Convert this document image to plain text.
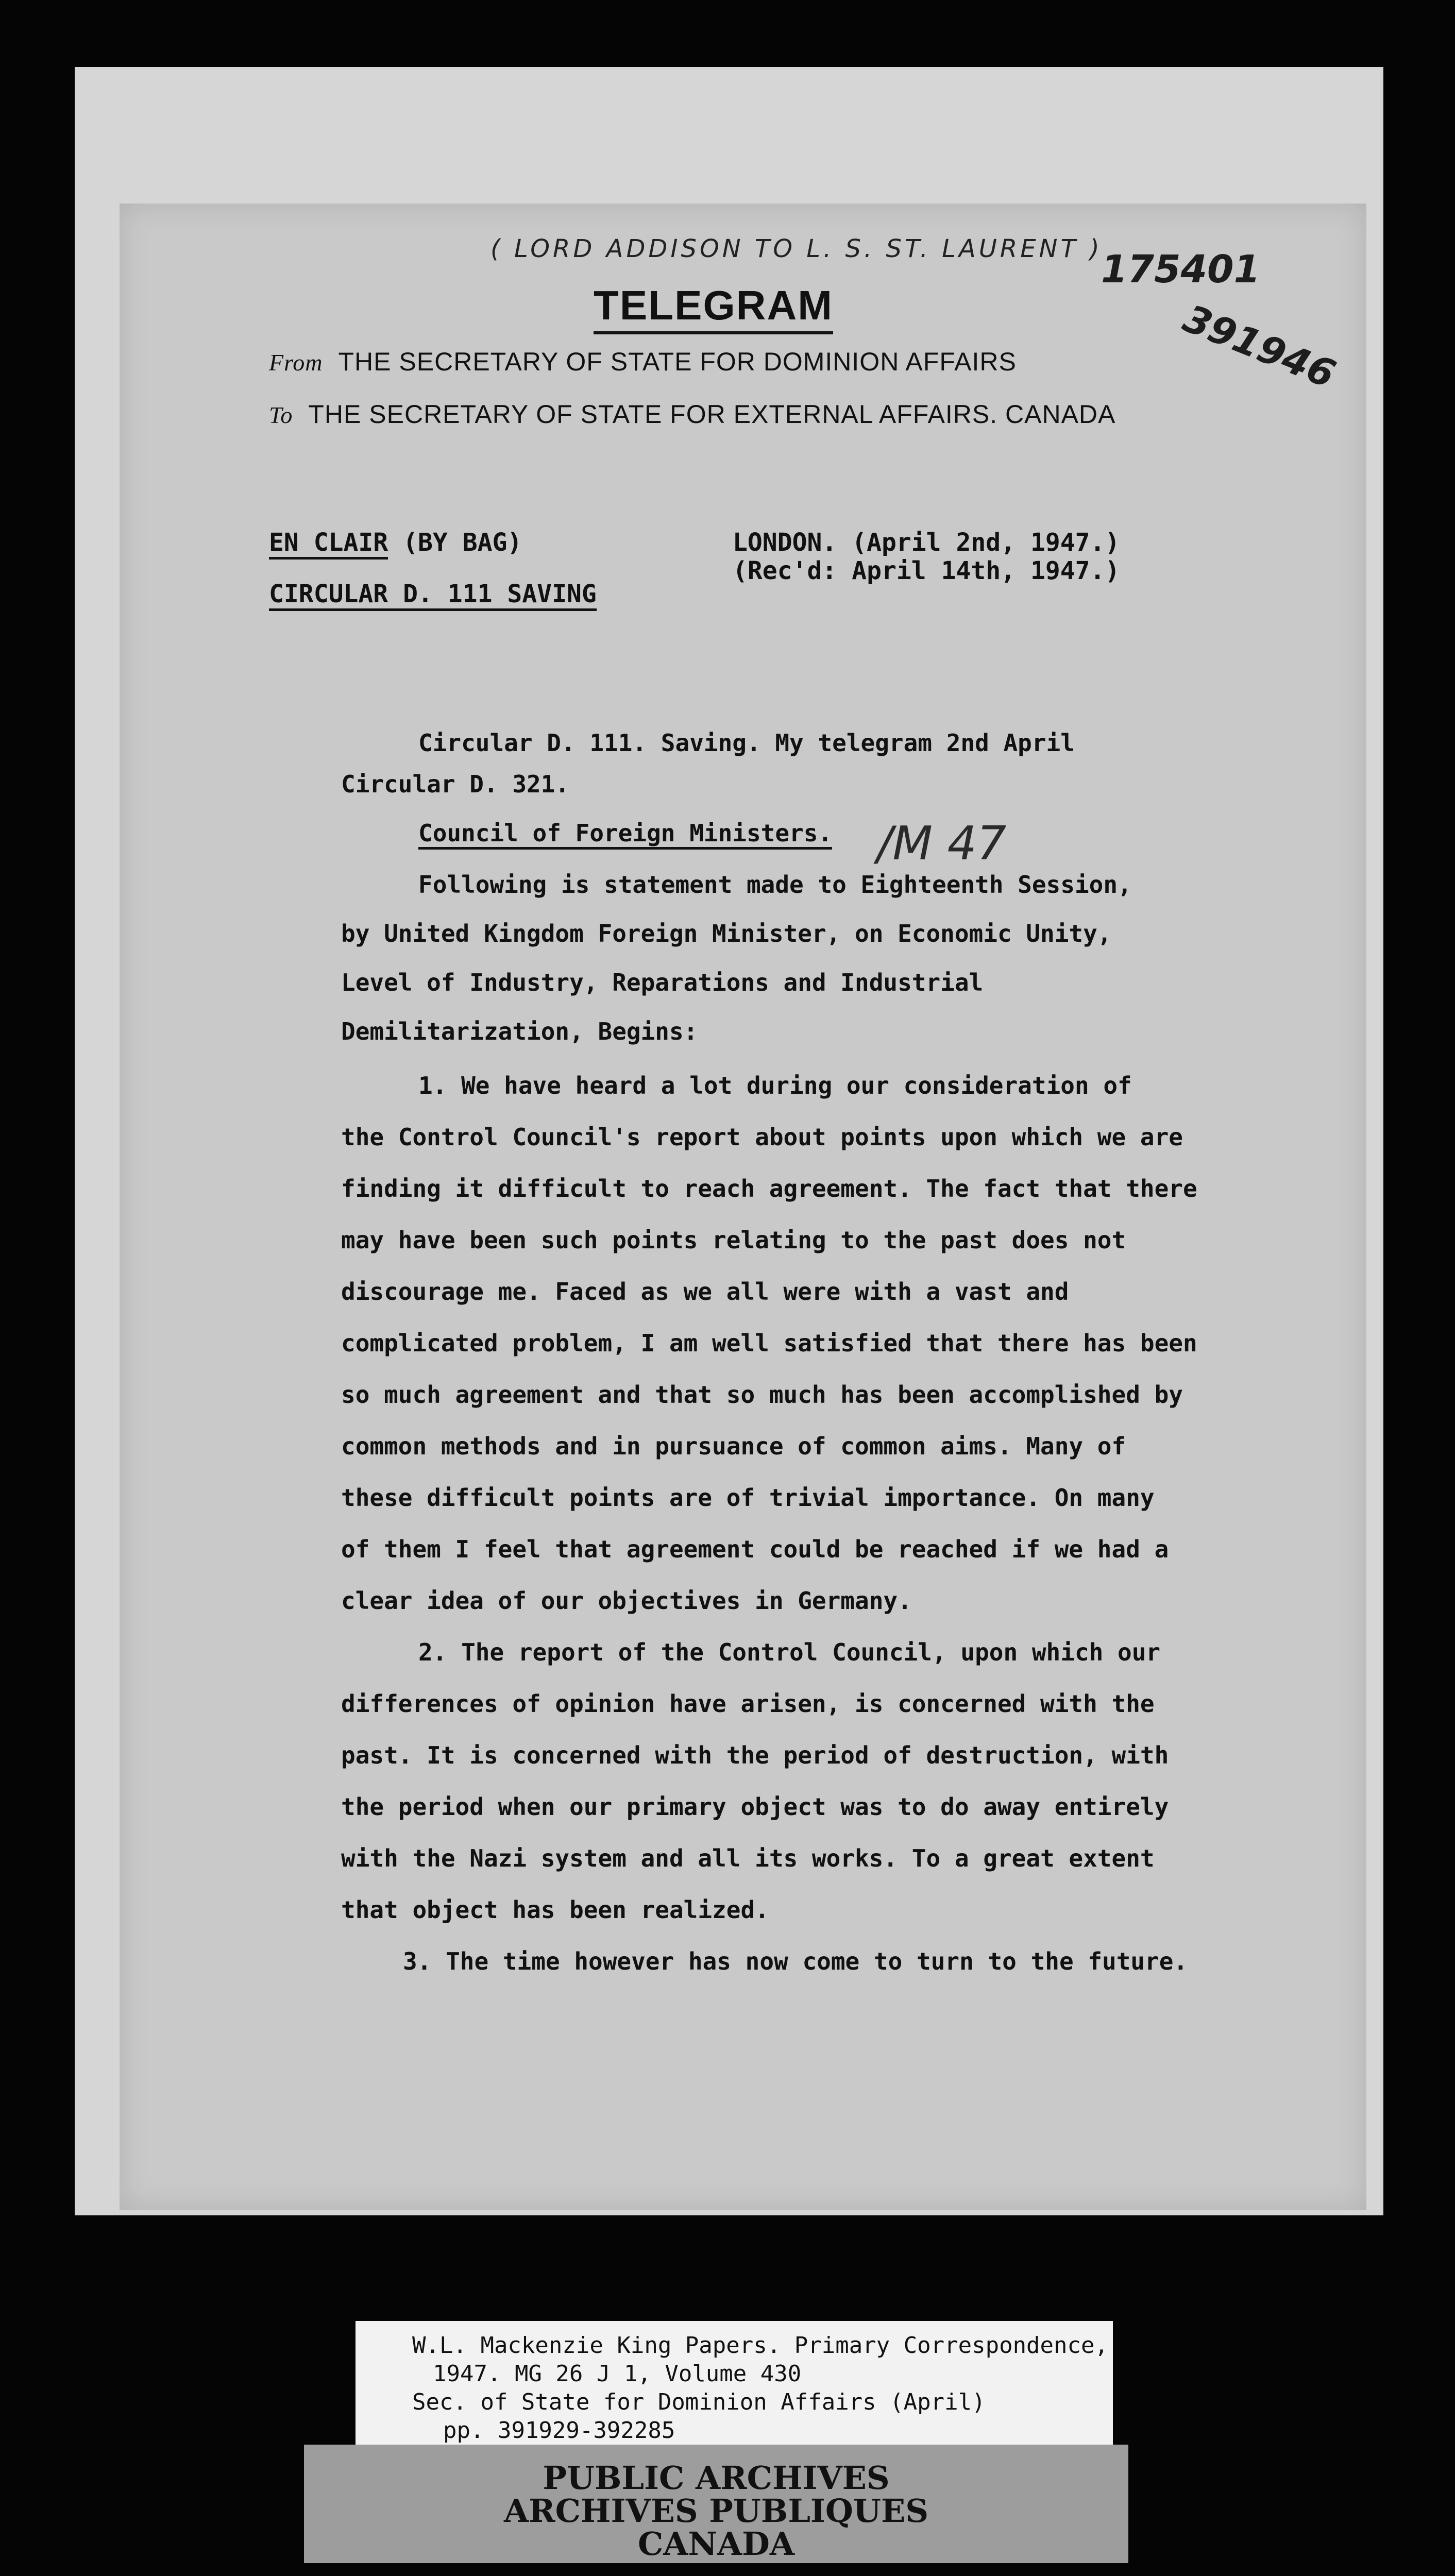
( LORD ADDISON TO L. S. ST. LAURENT )
175401
391946
TELEGRAM
From THE SECRETARY OF STATE FOR DOMINION AFFAIRS
To THE SECRETARY OF STATE FOR EXTERNAL AFFAIRS. CANADA
EN CLAIR (BY BAG)
CIRCULAR D. 111 SAVING
LONDON. (April 2nd, 1947.)
(Rec'd: April 14th, 1947.)
Circular D. 111. Saving. My telegram 2nd April
Circular D. 321.
Council of Foreign Ministers. /M 47
Following is statement made to Eighteenth Session,
by United Kingdom Foreign Minister, on Economic Unity,
Level of Industry, Reparations and Industrial
Demilitarization, Begins:
1. We have heard a lot during our consideration of
the Control Council's report about points upon which we are
finding it difficult to reach agreement. The fact that there
may have been such points relating to the past does not
discourage me. Faced as we all were with a vast and
complicated problem, I am well satisfied that there has been
so much agreement and that so much has been accomplished by
common methods and in pursuance of common aims. Many of
these difficult points are of trivial importance. On many
of them I feel that agreement could be reached if we had a
clear idea of our objectives in Germany.
2. The report of the Control Council, upon which our
differences of opinion have arisen, is concerned with the
past. It is concerned with the period of destruction, with
the period when our primary object was to do away entirely
with the Nazi system and all its works. To a great extent
that object has been realized.
3. The time however has now come to turn to the future.
W.L. Mackenzie King Papers. Primary Correspondence,
1947. MG 26 J 1, Volume 430
Sec. of State for Dominion Affairs (April)
pp. 391929-392285
PUBLIC ARCHIVES
ARCHIVES PUBLIQUES
CANADA
